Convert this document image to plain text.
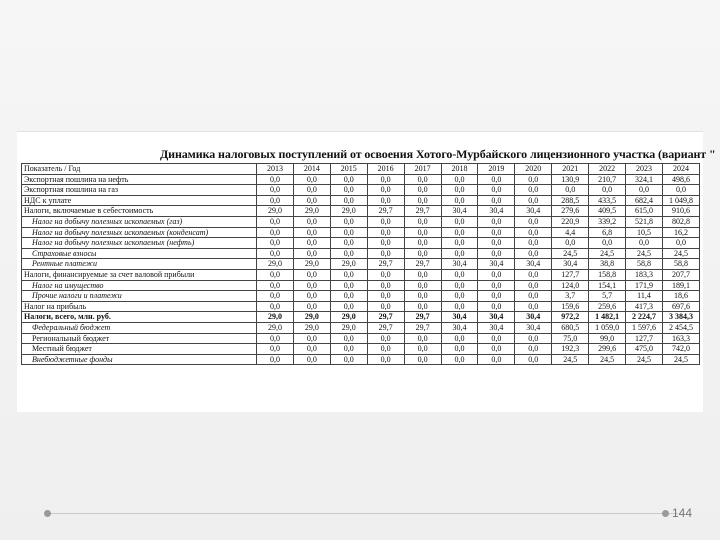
Динамика налоговых поступлений от освоения Хотого-Мурбайского лицензионного участка (вариант "
Показатель / Год	2013	2014	2015	2016	2017	2018	2019	2020	2021	2022	2023	2024
Экспортная пошлина на нефть	0,0	0,0	0,0	0,0	0,0	0,0	0,0	0,0	130,9	210,7	324,1	498,6
Экспортная пошлина на газ	0,0	0,0	0,0	0,0	0,0	0,0	0,0	0,0	0,0	0,0	0,0	0,0
НДС к уплате	0,0	0,0	0,0	0,0	0,0	0,0	0,0	0,0	288,5	433,5	682,4	1 049,8
Налоги, включаемые в себестоимость	29,0	29,0	29,0	29,7	29,7	30,4	30,4	30,4	279,6	409,5	615,0	910,6
Налог на добычу полезных ископаемых (газ)	0,0	0,0	0,0	0,0	0,0	0,0	0,0	0,0	220,9	339,2	521,8	802,8
Налог на добычу полезных ископаемых (конденсат)	0,0	0,0	0,0	0,0	0,0	0,0	0,0	0,0	4,4	6,8	10,5	16,2
Налог на добычу полезных ископаемых (нефть)	0,0	0,0	0,0	0,0	0,0	0,0	0,0	0,0	0,0	0,0	0,0	0,0
Страховые взносы	0,0	0,0	0,0	0,0	0,0	0,0	0,0	0,0	24,5	24,5	24,5	24,5
Рентные платежи	29,0	29,0	29,0	29,7	29,7	30,4	30,4	30,4	30,4	38,8	58,8	58,8
Налоги, финансируемые за счет валовой прибыли	0,0	0,0	0,0	0,0	0,0	0,0	0,0	0,0	127,7	158,8	183,3	207,7
Налог на имущество	0,0	0,0	0,0	0,0	0,0	0,0	0,0	0,0	124,0	154,1	171,9	189,1
Прочие налоги и платежи	0,0	0,0	0,0	0,0	0,0	0,0	0,0	0,0	3,7	5,7	11,4	18,6
Налог на прибыль	0,0	0,0	0,0	0,0	0,0	0,0	0,0	0,0	159,6	259,6	417,3	697,6
Налоги, всего, млн. руб.	29,0	29,0	29,0	29,7	29,7	30,4	30,4	30,4	972,2	1 482,1	2 224,7	3 384,3
Федеральный бюджет	29,0	29,0	29,0	29,7	29,7	30,4	30,4	30,4	680,5	1 059,0	1 597,6	2 454,5
Региональный бюджет	0,0	0,0	0,0	0,0	0,0	0,0	0,0	0,0	75,0	99,0	127,7	163,3
Местный бюджет	0,0	0,0	0,0	0,0	0,0	0,0	0,0	0,0	192,3	299,6	475,0	742,0
Внебюджетные фонды	0,0	0,0	0,0	0,0	0,0	0,0	0,0	0,0	24,5	24,5	24,5	24,5
144
